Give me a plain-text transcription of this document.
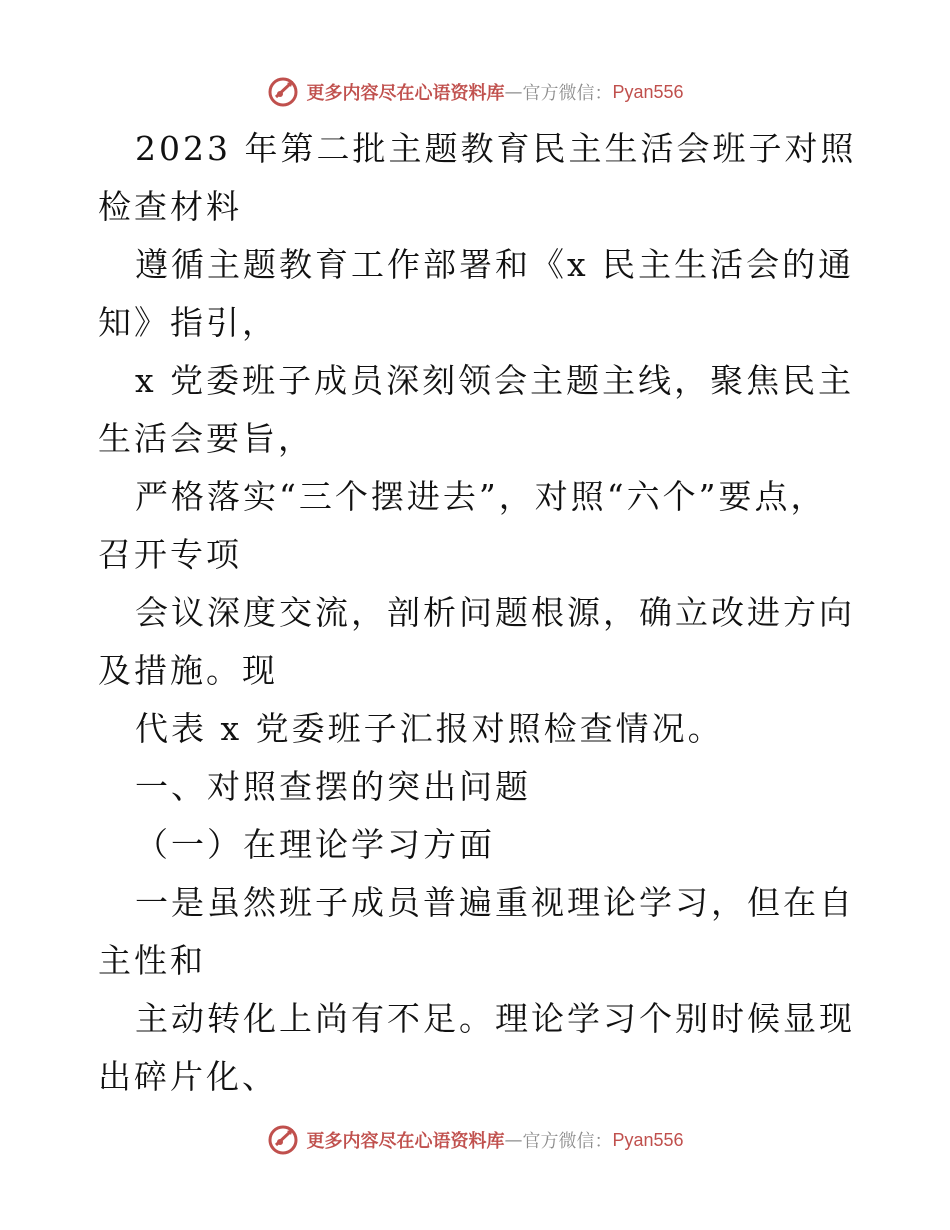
更多内容尽在心语资料库 — 官方微信： Pyan556

2023 年第二批主题教育民主生活会班子对照检查材料

遵循主题教育工作部署和《x 民主生活会的通知》指引，

x 党委班子成员深刻领会主题主线，聚焦民主生活会要旨，

严格落实“三个摆进去”，对照“六个”要点，召开专项

会议深度交流，剖析问题根源，确立改进方向及措施。现

代表 x 党委班子汇报对照检查情况。

一、对照查摆的突出问题

（一）在理论学习方面

一是虽然班子成员普遍重视理论学习，但在自主性和

主动转化上尚有不足。理论学习个别时候显现出碎片化、

更多内容尽在心语资料库 — 官方微信： Pyan556
